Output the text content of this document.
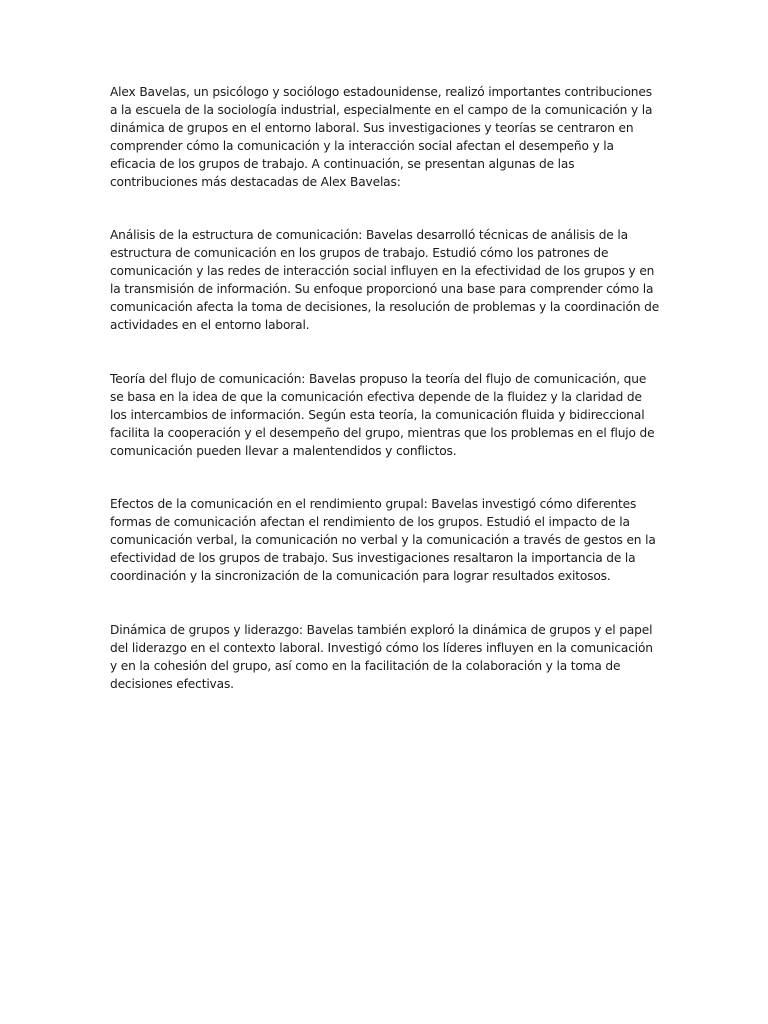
Alex Bavelas, un psicólogo y sociólogo estadounidense, realizó importantes contribuciones a la escuela de la sociología industrial, especialmente en el campo de la comunicación y la dinámica de grupos en el entorno laboral. Sus investigaciones y teorías se centraron en comprender cómo la comunicación y la interacción social afectan el desempeño y la eficacia de los grupos de trabajo. A continuación, se presentan algunas de las contribuciones más destacadas de Alex Bavelas:

Análisis de la estructura de comunicación: Bavelas desarrolló técnicas de análisis de la estructura de comunicación en los grupos de trabajo. Estudió cómo los patrones de comunicación y las redes de interacción social influyen en la efectividad de los grupos y en la transmisión de información. Su enfoque proporcionó una base para comprender cómo la comunicación afecta la toma de decisiones, la resolución de problemas y la coordinación de actividades en el entorno laboral.

Teoría del flujo de comunicación: Bavelas propuso la teoría del flujo de comunicación, que se basa en la idea de que la comunicación efectiva depende de la fluidez y la claridad de los intercambios de información. Según esta teoría, la comunicación fluida y bidireccional facilita la cooperación y el desempeño del grupo, mientras que los problemas en el flujo de comunicación pueden llevar a malentendidos y conflictos.

Efectos de la comunicación en el rendimiento grupal: Bavelas investigó cómo diferentes formas de comunicación afectan el rendimiento de los grupos. Estudió el impacto de la comunicación verbal, la comunicación no verbal y la comunicación a través de gestos en la efectividad de los grupos de trabajo. Sus investigaciones resaltaron la importancia de la coordinación y la sincronización de la comunicación para lograr resultados exitosos.

Dinámica de grupos y liderazgo: Bavelas también exploró la dinámica de grupos y el papel del liderazgo en el contexto laboral. Investigó cómo los líderes influyen en la comunicación y en la cohesión del grupo, así como en la facilitación de la colaboración y la toma de decisiones efectivas.
